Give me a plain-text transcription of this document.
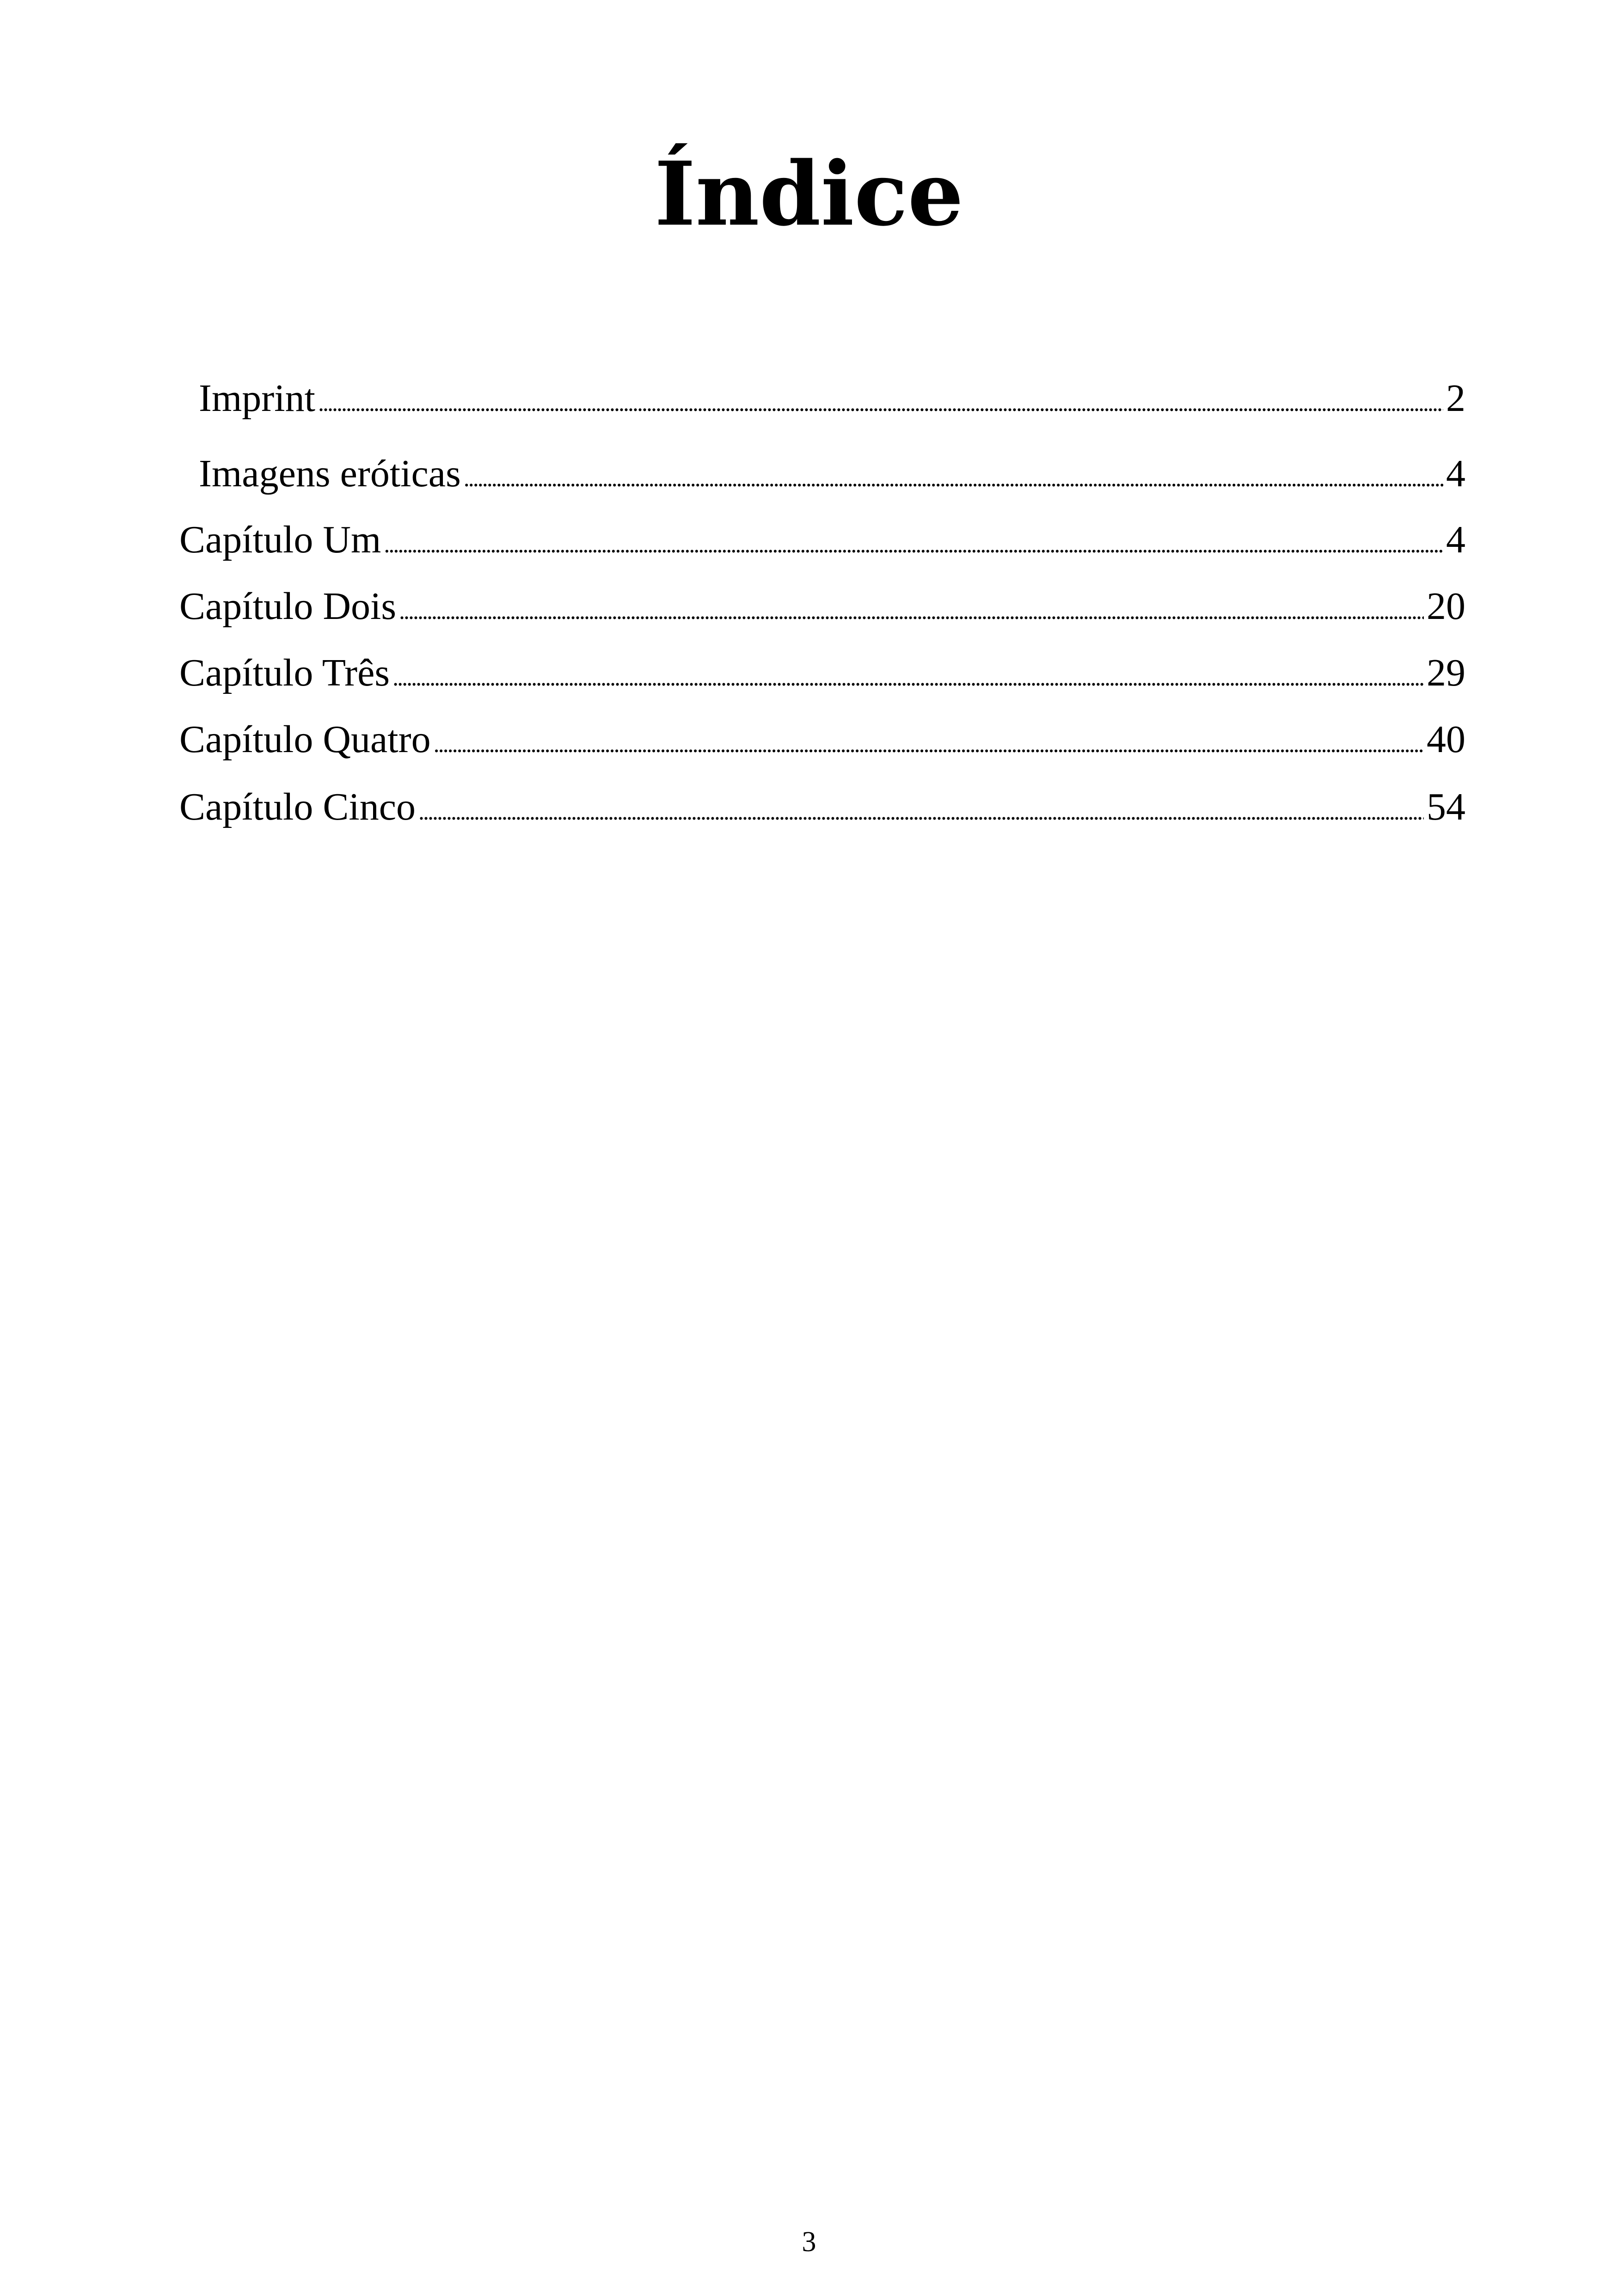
Índice
Imprint . . .	2
Imagens eróticas . . .	4
Capítulo Um . . .	4
Capítulo Dois . . .	20
Capítulo Três . . .	29
Capítulo Quatro . . .	40
Capítulo Cinco . . .	54
3
